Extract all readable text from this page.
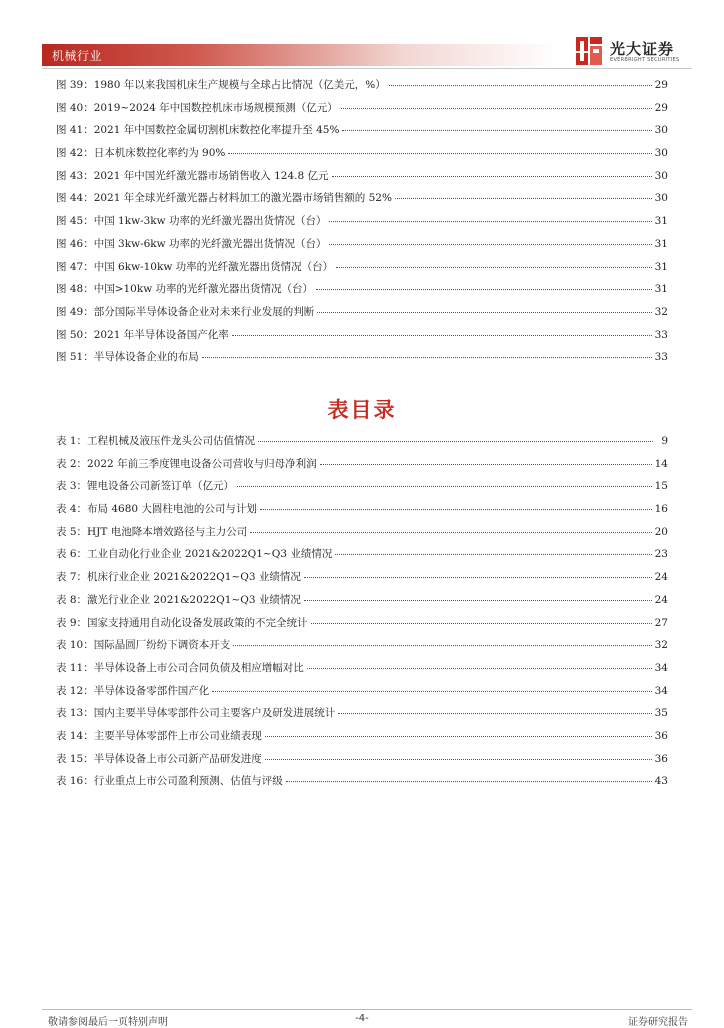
机械行业	光大证券
EVERBRIGHT SECURITIES
图 39：1980 年以来我国机床生产规模与全球占比情况（亿美元，%）	29
图 40：2019~2024 年中国数控机床市场规模预测（亿元）	29
图 41：2021 年中国数控金属切割机床数控化率提升至 45%	30
图 42：日本机床数控化率约为 90%	30
图 43：2021 年中国光纤激光器市场销售收入 124.8 亿元	30
图 44：2021 年全球光纤激光器占材料加工的激光器市场销售额的 52%	30
图 45：中国 1kw-3kw 功率的光纤激光器出货情况（台）	31
图 46：中国 3kw-6kw 功率的光纤激光器出货情况（台）	31
图 47：中国 6kw-10kw 功率的光纤激光器出货情况（台）	31
图 48：中国>10kw 功率的光纤激光器出货情况（台）	31
图 49：部分国际半导体设备企业对未来行业发展的判断	32
图 50：2021 年半导体设备国产化率	33
图 51：半导体设备企业的布局	33
表目录
表 1：工程机械及液压件龙头公司估值情况	9
表 2：2022 年前三季度锂电设备公司营收与归母净利润	14
表 3：锂电设备公司新签订单（亿元）	15
表 4：布局 4680 大圆柱电池的公司与计划	16
表 5：HJT 电池降本增效路径与主力公司	20
表 6：工业自动化行业企业 2021&2022Q1~Q3 业绩情况	23
表 7：机床行业企业 2021&2022Q1~Q3 业绩情况	24
表 8：激光行业企业 2021&2022Q1~Q3 业绩情况	24
表 9：国家支持通用自动化设备发展政策的不完全统计	27
表 10：国际晶圆厂纷纷下调资本开支	32
表 11：半导体设备上市公司合同负债及相应增幅对比	34
表 12：半导体设备零部件国产化	34
表 13：国内主要半导体零部件公司主要客户及研发进展统计	35
表 14：主要半导体零部件上市公司业绩表现	36
表 15：半导体设备上市公司新产品研发进度	36
表 16：行业重点上市公司盈利预测、估值与评级	43
敬请参阅最后一页特别声明	-4-	证券研究报告
